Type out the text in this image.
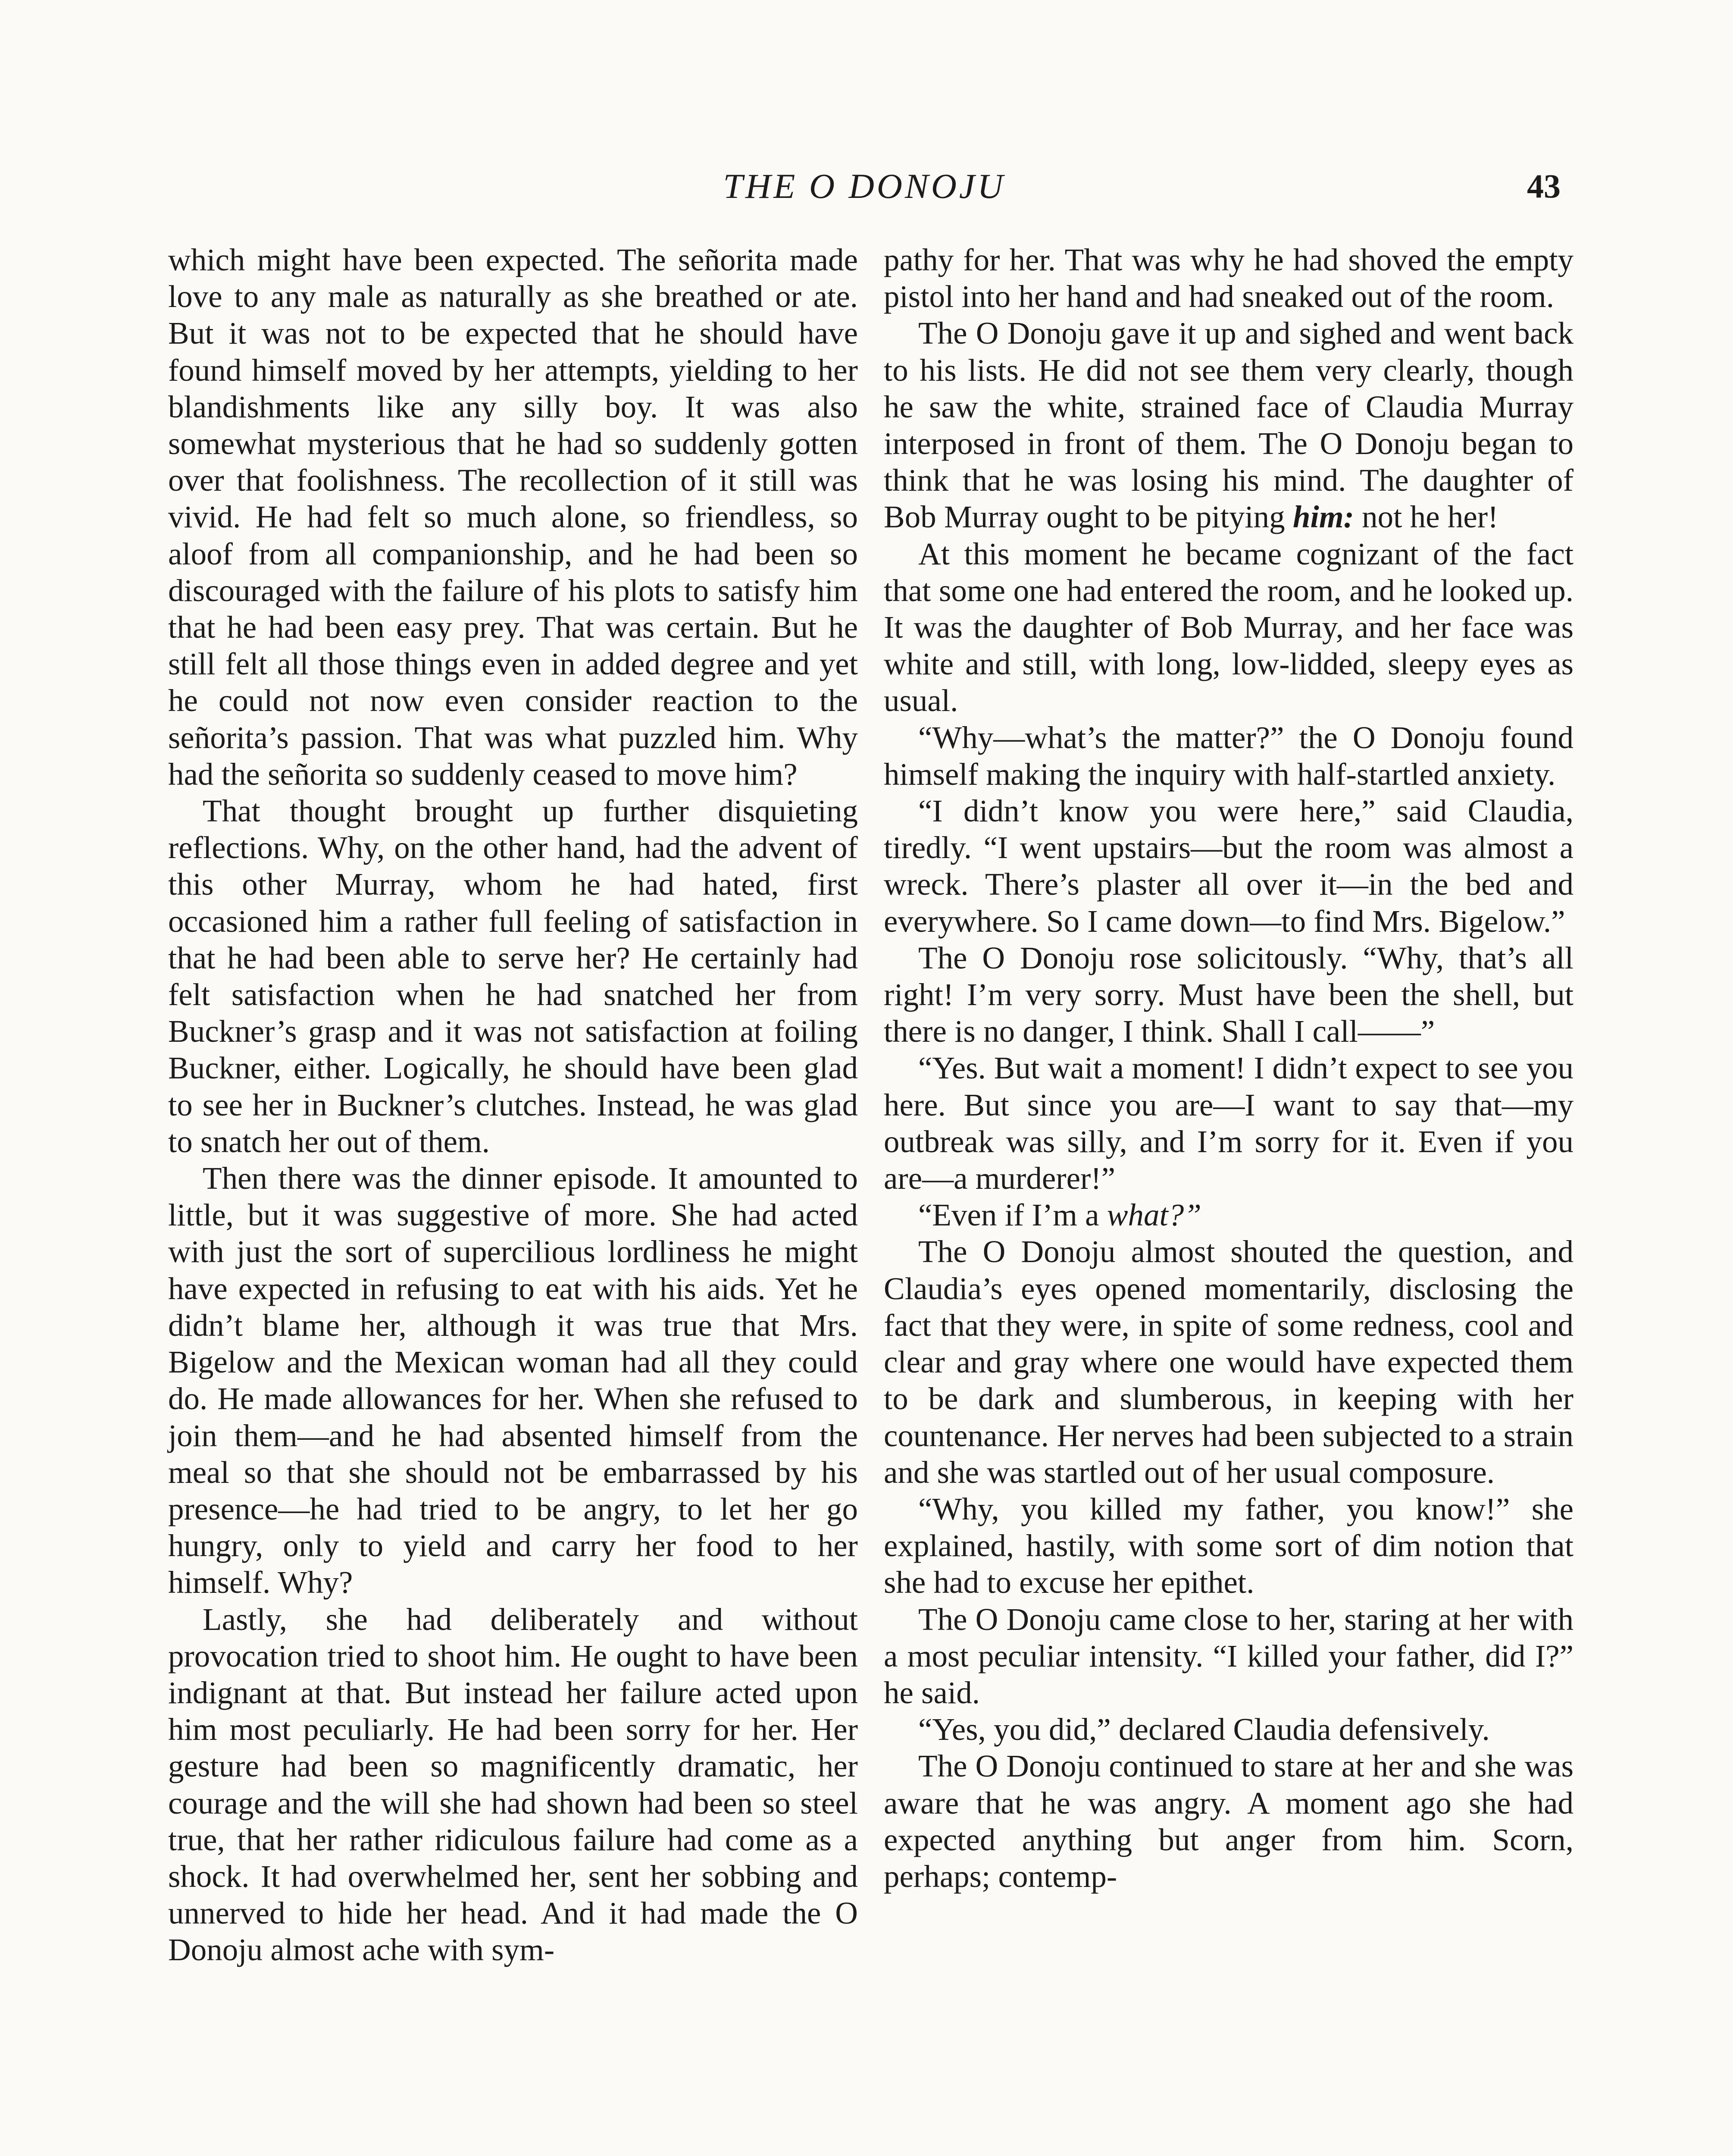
THE O DONOJU	43

which might have been expected. The señorita made love to any male as naturally as she breathed or ate. But it was not to be expected that he should have found himself moved by her attempts, yielding to her blandishments like any silly boy. It was also somewhat mysterious that he had so suddenly gotten over that foolishness. The recollection of it still was vivid. He had felt so much alone, so friendless, so aloof from all companionship, and he had been so discouraged with the failure of his plots to satisfy him that he had been easy prey. That was certain. But he still felt all those things even in added degree and yet he could not now even consider reaction to the señorita’s passion. That was what puzzled him. Why had the señorita so suddenly ceased to move him?

That thought brought up further disquieting reflections. Why, on the other hand, had the advent of this other Murray, whom he had hated, first occasioned him a rather full feeling of satisfaction in that he had been able to serve her? He certainly had felt satisfaction when he had snatched her from Buckner’s grasp and it was not satisfaction at foiling Buckner, either. Logically, he should have been glad to see her in Buckner’s clutches. Instead, he was glad to snatch her out of them.

Then there was the dinner episode. It amounted to little, but it was suggestive of more. She had acted with just the sort of supercilious lordliness he might have expected in refusing to eat with his aids. Yet he didn’t blame her, although it was true that Mrs. Bigelow and the Mexican woman had all they could do. He made allowances for her. When she refused to join them—and he had absented himself from the meal so that she should not be embarrassed by his presence—he had tried to be angry, to let her go hungry, only to yield and carry her food to her himself. Why?

Lastly, she had deliberately and without provocation tried to shoot him. He ought to have been indignant at that. But instead her failure acted upon him most peculiarly. He had been sorry for her. Her gesture had been so magnificently dramatic, her courage and the will she had shown had been so steel true, that her rather ridiculous failure had come as a shock. It had overwhelmed her, sent her sobbing and unnerved to hide her head. And it had made the O Donoju almost ache with sym-

pathy for her. That was why he had shoved the empty pistol into her hand and had sneaked out of the room.

The O Donoju gave it up and sighed and went back to his lists. He did not see them very clearly, though he saw the white, strained face of Claudia Murray interposed in front of them. The O Donoju began to think that he was losing his mind. The daughter of Bob Murray ought to be pitying him: not he her!

At this moment he became cognizant of the fact that some one had entered the room, and he looked up. It was the daughter of Bob Murray, and her face was white and still, with long, low-lidded, sleepy eyes as usual.

“Why—what’s the matter?” the O Donoju found himself making the inquiry with half-startled anxiety.

“I didn’t know you were here,” said Claudia, tiredly. “I went upstairs—but the room was almost a wreck. There’s plaster all over it—in the bed and everywhere. So I came down—to find Mrs. Bigelow.”

The O Donoju rose solicitously. “Why, that’s all right! I’m very sorry. Must have been the shell, but there is no danger, I think. Shall I call——”

“Yes. But wait a moment! I didn’t expect to see you here. But since you are—I want to say that—my outbreak was silly, and I’m sorry for it. Even if you are—a murderer!”

“Even if I’m a what?”

The O Donoju almost shouted the question, and Claudia’s eyes opened momentarily, disclosing the fact that they were, in spite of some redness, cool and clear and gray where one would have expected them to be dark and slumberous, in keeping with her countenance. Her nerves had been subjected to a strain and she was startled out of her usual composure.

“Why, you killed my father, you know!” she explained, hastily, with some sort of dim notion that she had to excuse her epithet.

The O Donoju came close to her, staring at her with a most peculiar intensity. “I killed your father, did I?” he said.

“Yes, you did,” declared Claudia defensively.

The O Donoju continued to stare at her and she was aware that he was angry. A moment ago she had expected anything but anger from him. Scorn, perhaps; contemp-
